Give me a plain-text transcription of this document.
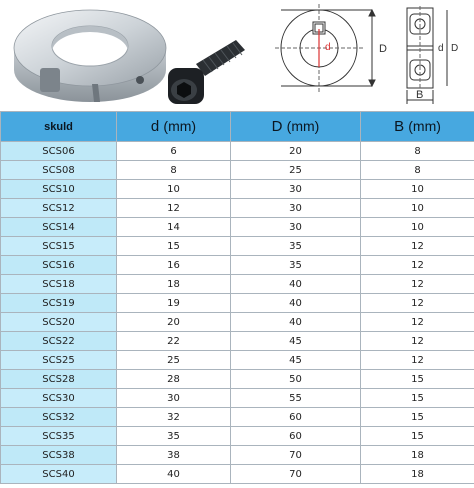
d	D	d D
B
skuld	d (mm)	D (mm)	B (mm)
SCS06	6	20	8
SCS08	8	25	8
SCS10	10	30	10
SCS12	12	30	10
SCS14	14	30	10
SCS15	15	35	12
SCS16	16	35	12
SCS18	18	40	12
SCS19	19	40	12
SCS20	20	40	12
SCS22	22	45	12
SCS25	25	45	12
SCS28	28	50	15
SCS30	30	55	15
SCS32	32	60	15
SCS35	35	60	15
SCS38	38	70	18
SCS40	40	70	18
